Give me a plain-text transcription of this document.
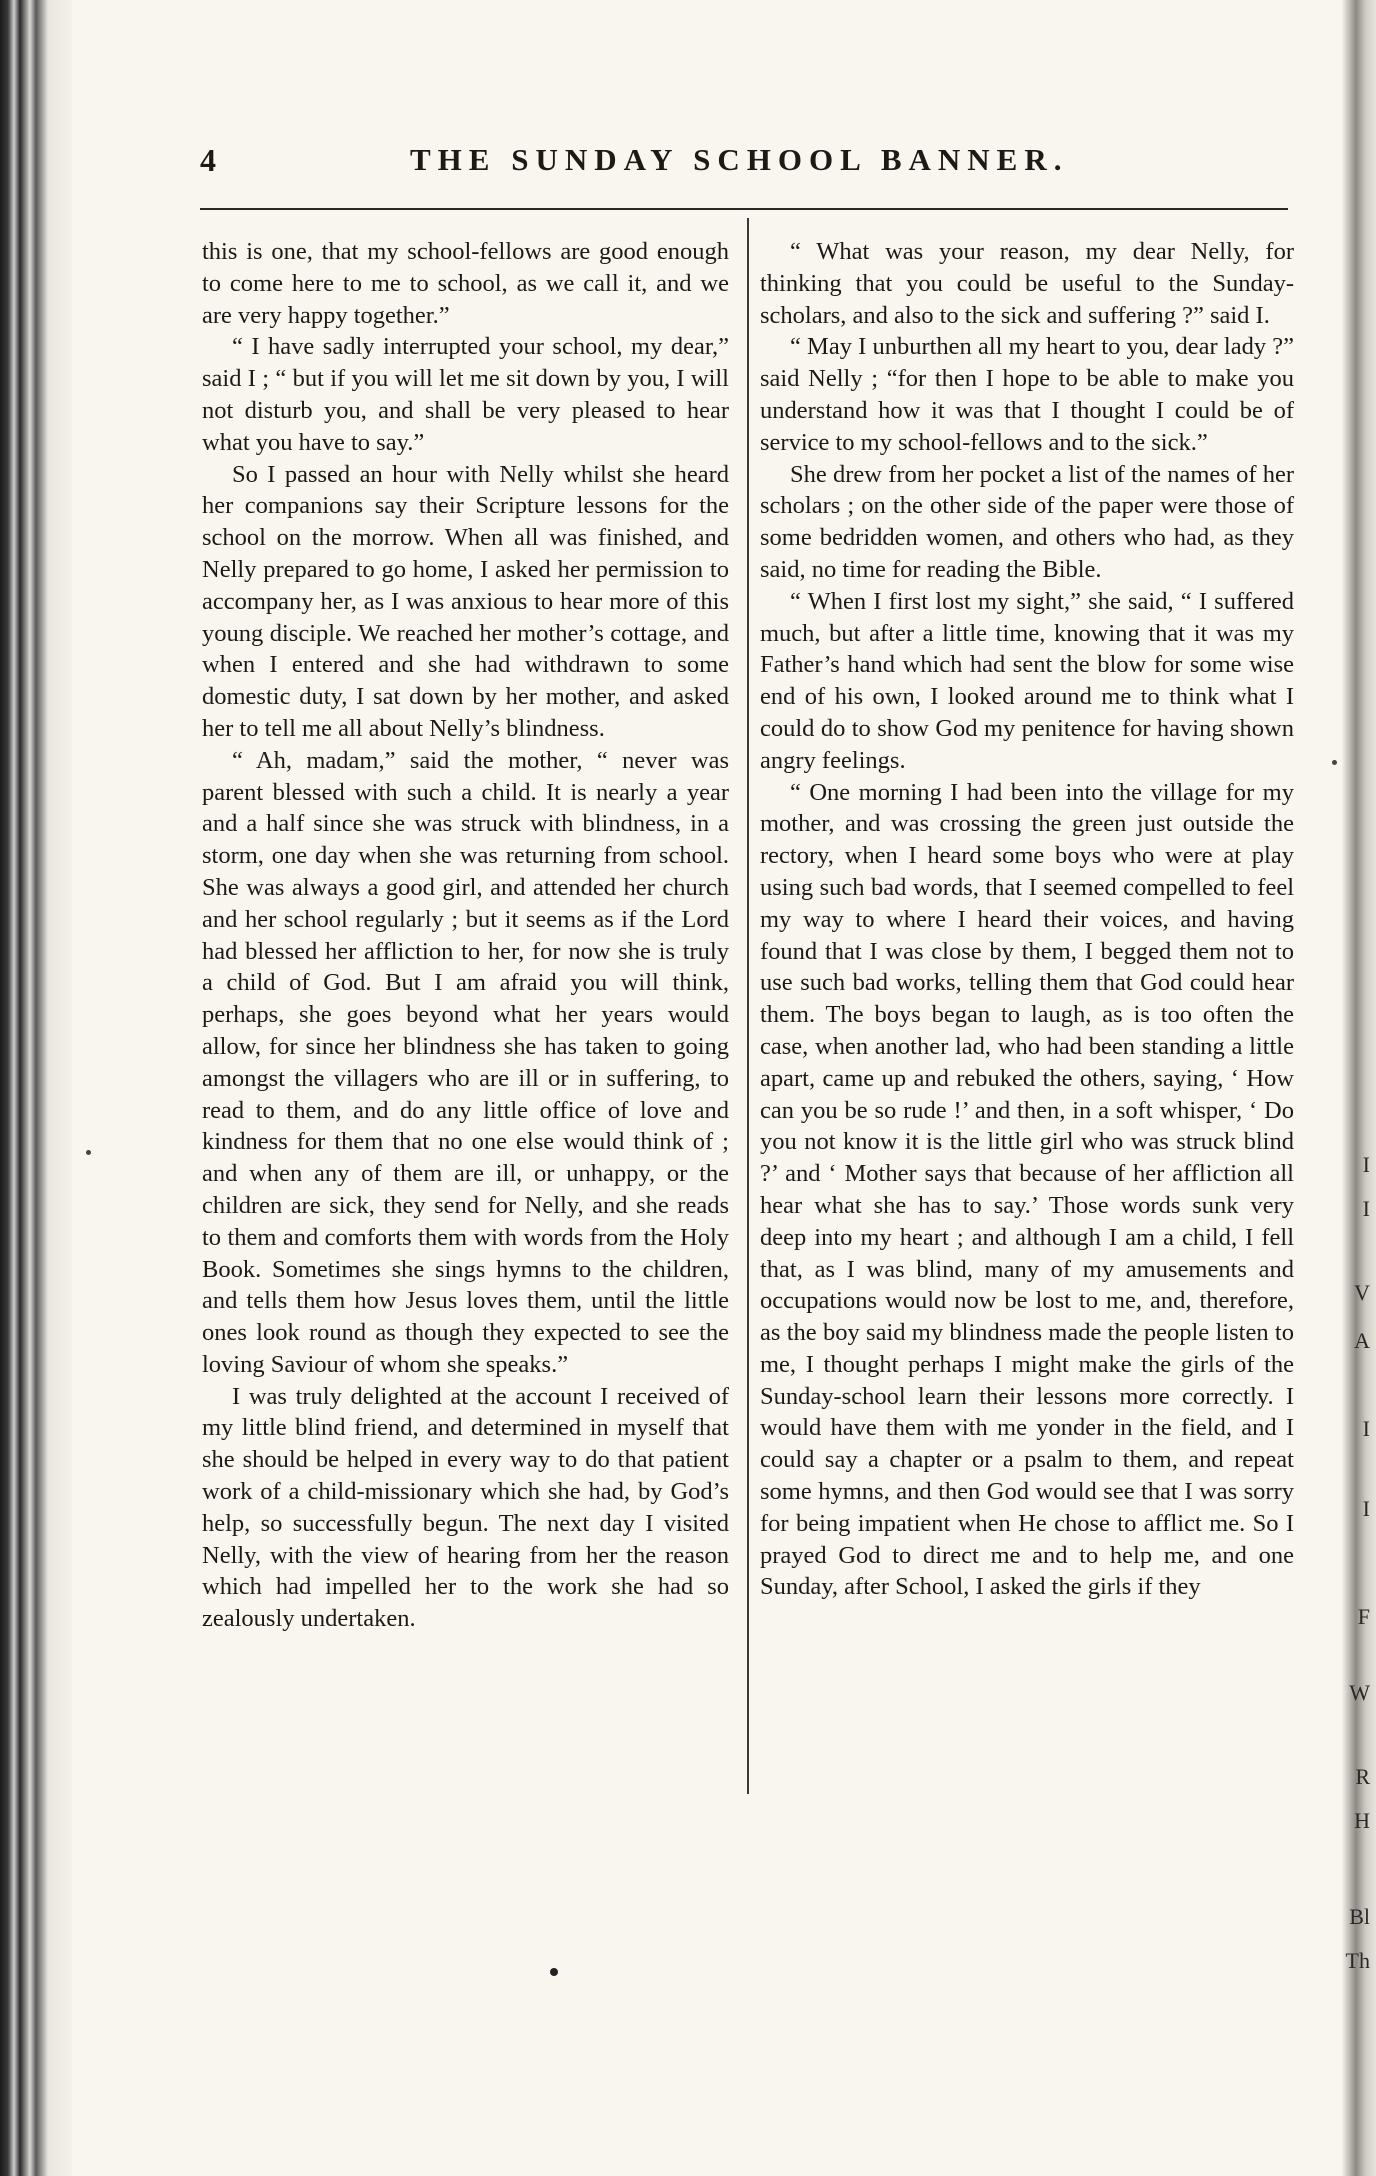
I
I
V
A
I
I
F
W
R
H
Bl
Th
4	THE SUNDAY SCHOOL BANNER.

this is one, that my school-fellows are good enough to come here to me to school, as we call it, and we are very happy together.”

“ I have sadly interrupted your school, my dear,” said I ; “ but if you will let me sit down by you, I will not disturb you, and shall be very pleased to hear what you have to say.”

So I passed an hour with Nelly whilst she heard her companions say their Scripture lessons for the school on the morrow. When all was finished, and Nelly prepared to go home, I asked her permission to accompany her, as I was anxious to hear more of this young disciple. We reached her mother’s cottage, and when I entered and she had withdrawn to some domestic duty, I sat down by her mother, and asked her to tell me all about Nelly’s blindness.

“ Ah, madam,” said the mother, “ never was parent blessed with such a child. It is nearly a year and a half since she was struck with blindness, in a storm, one day when she was returning from school. She was always a good girl, and attended her church and her school regularly ; but it seems as if the Lord had blessed her affliction to her, for now she is truly a child of God. But I am afraid you will think, perhaps, she goes beyond what her years would allow, for since her blindness she has taken to going amongst the villagers who are ill or in suffering, to read to them, and do any little office of love and kindness for them that no one else would think of ; and when any of them are ill, or unhappy, or the children are sick, they send for Nelly, and she reads to them and comforts them with words from the Holy Book. Sometimes she sings hymns to the children, and tells them how Jesus loves them, until the little ones look round as though they expected to see the loving Saviour of whom she speaks.”

I was truly delighted at the account I received of my little blind friend, and determined in myself that she should be helped in every way to do that patient work of a child-missionary which she had, by God’s help, so successfully begun. The next day I visited Nelly, with the view of hearing from her the reason which had impelled her to the work she had so zealously undertaken.

“ What was your reason, my dear Nelly, for thinking that you could be useful to the Sunday-scholars, and also to the sick and suffering ?” said I.

“ May I unburthen all my heart to you, dear lady ?” said Nelly ; “for then I hope to be able to make you understand how it was that I thought I could be of service to my school-fellows and to the sick.”

She drew from her pocket a list of the names of her scholars ; on the other side of the paper were those of some bedridden women, and others who had, as they said, no time for reading the Bible.

“ When I first lost my sight,” she said, “ I suffered much, but after a little time, knowing that it was my Father’s hand which had sent the blow for some wise end of his own, I looked around me to think what I could do to show God my penitence for having shown angry feelings.

“ One morning I had been into the village for my mother, and was crossing the green just outside the rectory, when I heard some boys who were at play using such bad words, that I seemed compelled to feel my way to where I heard their voices, and having found that I was close by them, I begged them not to use such bad works, telling them that God could hear them. The boys began to laugh, as is too often the case, when another lad, who had been standing a little apart, came up and rebuked the others, saying, ‘ How can you be so rude !’ and then, in a soft whisper, ‘ Do you not know it is the little girl who was struck blind ?’ and ‘ Mother says that because of her affliction all hear what she has to say.’ Those words sunk very deep into my heart ; and although I am a child, I fell that, as I was blind, many of my amusements and occupations would now be lost to me, and, therefore, as the boy said my blindness made the people listen to me, I thought perhaps I might make the girls of the Sunday-school learn their lessons more correctly. I would have them with me yonder in the field, and I could say a chapter or a psalm to them, and repeat some hymns, and then God would see that I was sorry for being impatient when He chose to afflict me. So I prayed God to direct me and to help me, and one Sunday, after School, I asked the girls if they
